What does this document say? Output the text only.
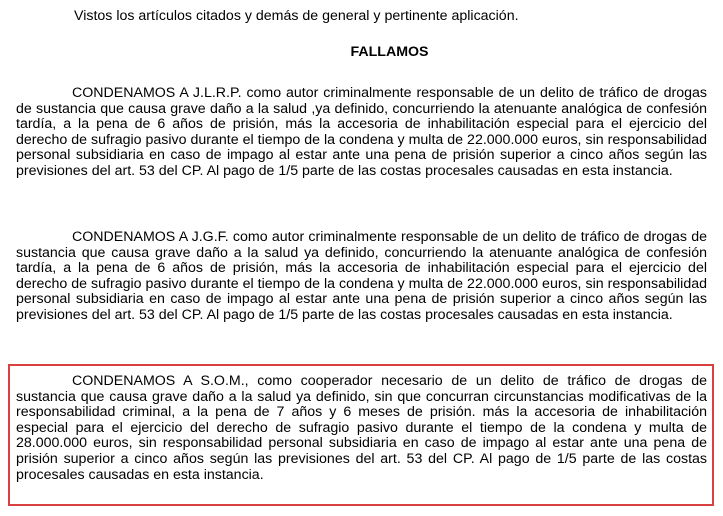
Vistos los artículos citados y demás de general y pertinente aplicación.
FALLAMOS

CONDENAMOS A J.L.R.P. como autor criminalmente responsable de un delito de tráfico de drogas de sustancia que causa grave daño a la salud ,ya definido, concurriendo la atenuante analógica de confesión tardía, a la pena de 6 años de prisión, más la accesoria de inhabilitación especial para el ejercicio del derecho de sufragio pasivo durante el tiempo de la condena y multa de 22.000.000 euros, sin responsabilidad personal subsidiaria en caso de impago al estar ante una pena de prisión superior a cinco años según las previsiones del art. 53 del CP. Al pago de 1/5 parte de las costas procesales causadas en esta instancia.

CONDENAMOS A J.G.F. como autor criminalmente responsable de un delito de tráfico de drogas de sustancia que causa grave daño a la salud ya definido, concurriendo la atenuante analógica de confesión tardía, a la pena de 6 años de prisión, más la accesoria de inhabilitación especial para el ejercicio del derecho de sufragio pasivo durante el tiempo de la condena y multa de 22.000.000 euros, sin responsabilidad personal subsidiaria en caso de impago al estar ante una pena de prisión superior a cinco años según las previsiones del art. 53 del CP. Al pago de 1/5 parte de las costas procesales causadas en esta instancia.

CONDENAMOS A S.O.M., como cooperador necesario de un delito de tráfico de drogas de sustancia que causa grave daño a la salud ya definido, sin que concurran circunstancias modificativas de la responsabilidad criminal, a la pena de 7 años y 6 meses de prisión. más la accesoria de inhabilitación especial para el ejercicio del derecho de sufragio pasivo durante el tiempo de la condena y multa de 28.000.000 euros, sin responsabilidad personal subsidiaria en caso de impago al estar ante una pena de prisión superior a cinco años según las previsiones del art. 53 del CP. Al pago de 1/5 parte de las costas procesales causadas en esta instancia.
